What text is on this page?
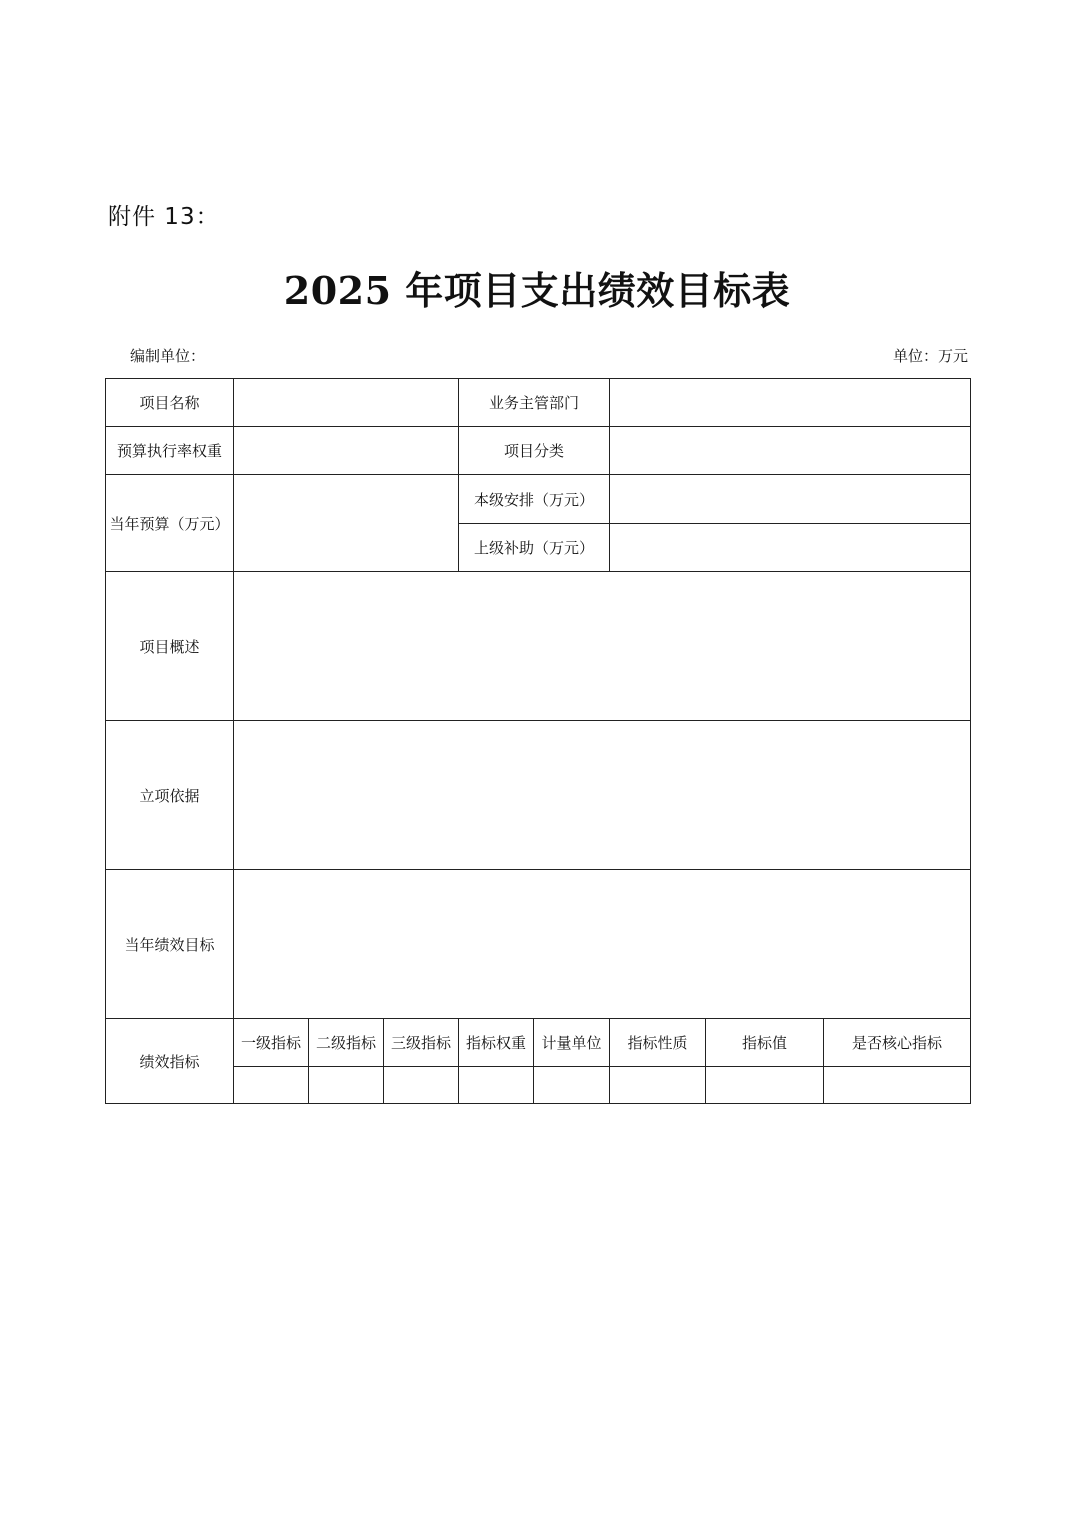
附件 13：
2025 年项目支出绩效目标表
编制单位：	单位：万元
项目名称				业务主管部门				
预算执行率权重				项目分类				
当年预算（万元）				本级安排（万元）				
				上级补助（万元）				
项目概述								
立项依据								
当年绩效目标								
绩效指标	一级指标	二级指标	三级指标	指标权重	计量单位	指标性质	指标值	是否核心指标
